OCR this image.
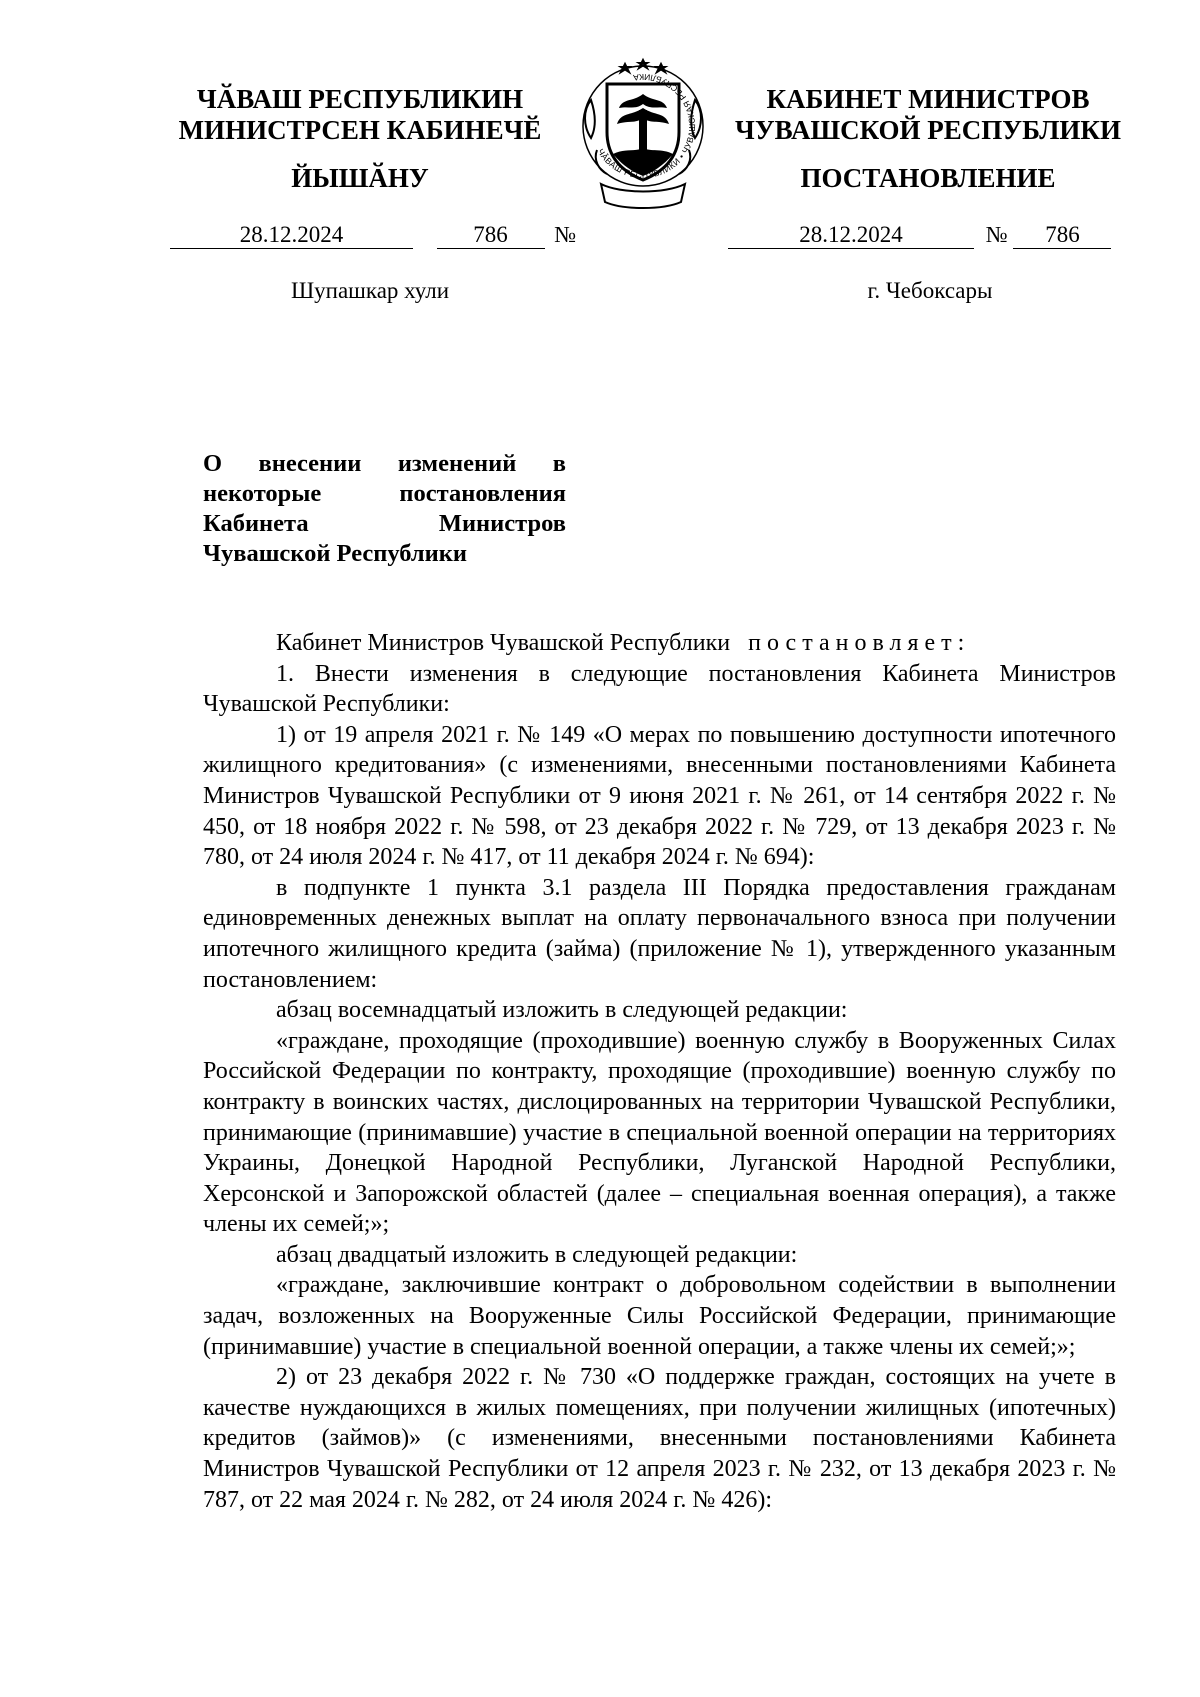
ЧӐВАШ РЕСПУБЛИКИН
МИНИСТРСЕН КАБИНЕЧӖ
ЙЫШӐНУ
ЧӐВАШ РЕСПУБЛИКИ • ЧУВАШСКАЯ РЕСПУБЛИКА
КАБИНЕТ МИНИСТРОВ
ЧУВАШСКОЙ РЕСПУБЛИКИ
ПОСТАНОВЛЕНИЕ
28.12.2024	786 №	28.12.2024	№ 786
Шупашкар хули	г. Чебоксары
О внесении изменений в некоторые постановления Кабинета Министров Чувашской Республики

Кабинет Министров Чувашской Республики постановляет:

1. Внести изменения в следующие постановления Кабинета Министров Чувашской Республики:

1) от 19 апреля 2021 г. № 149 «О мерах по повышению доступности ипотечного жилищного кредитования» (с изменениями, внесенными постановлениями Кабинета Министров Чувашской Республики от 9 июня 2021 г. № 261, от 14 сентября 2022 г. № 450, от 18 ноября 2022 г. № 598, от 23 декабря 2022 г. № 729, от 13 декабря 2023 г. № 780, от 24 июля 2024 г. № 417, от 11 декабря 2024 г. № 694):

в подпункте 1 пункта 3.1 раздела III Порядка предоставления гражданам единовременных денежных выплат на оплату первоначального взноса при получении ипотечного жилищного кредита (займа) (приложение № 1), утвержденного указанным постановлением:

абзац восемнадцатый изложить в следующей редакции:

«граждане, проходящие (проходившие) военную службу в Вооруженных Силах Российской Федерации по контракту, проходящие (проходившие) военную службу по контракту в воинских частях, дислоцированных на территории Чувашской Республики, принимающие (принимавшие) участие в специальной военной операции на территориях Украины, Донецкой Народной Республики, Луганской Народной Республики, Херсонской и Запорожской областей (далее – специальная военная операция), а также члены их семей;»;

абзац двадцатый изложить в следующей редакции:

«граждане, заключившие контракт о добровольном содействии в выполнении задач, возложенных на Вооруженные Силы Российской Федерации, принимающие (принимавшие) участие в специальной военной операции, а также члены их семей;»;

2) от 23 декабря 2022 г. № 730 «О поддержке граждан, состоящих на учете в качестве нуждающихся в жилых помещениях, при получении жилищных (ипотечных) кредитов (займов)» (с изменениями, внесенными постановлениями Кабинета Министров Чувашской Республики от 12 апреля 2023 г. № 232, от 13 декабря 2023 г. № 787, от 22 мая 2024 г. № 282, от 24 июля 2024 г. № 426):
